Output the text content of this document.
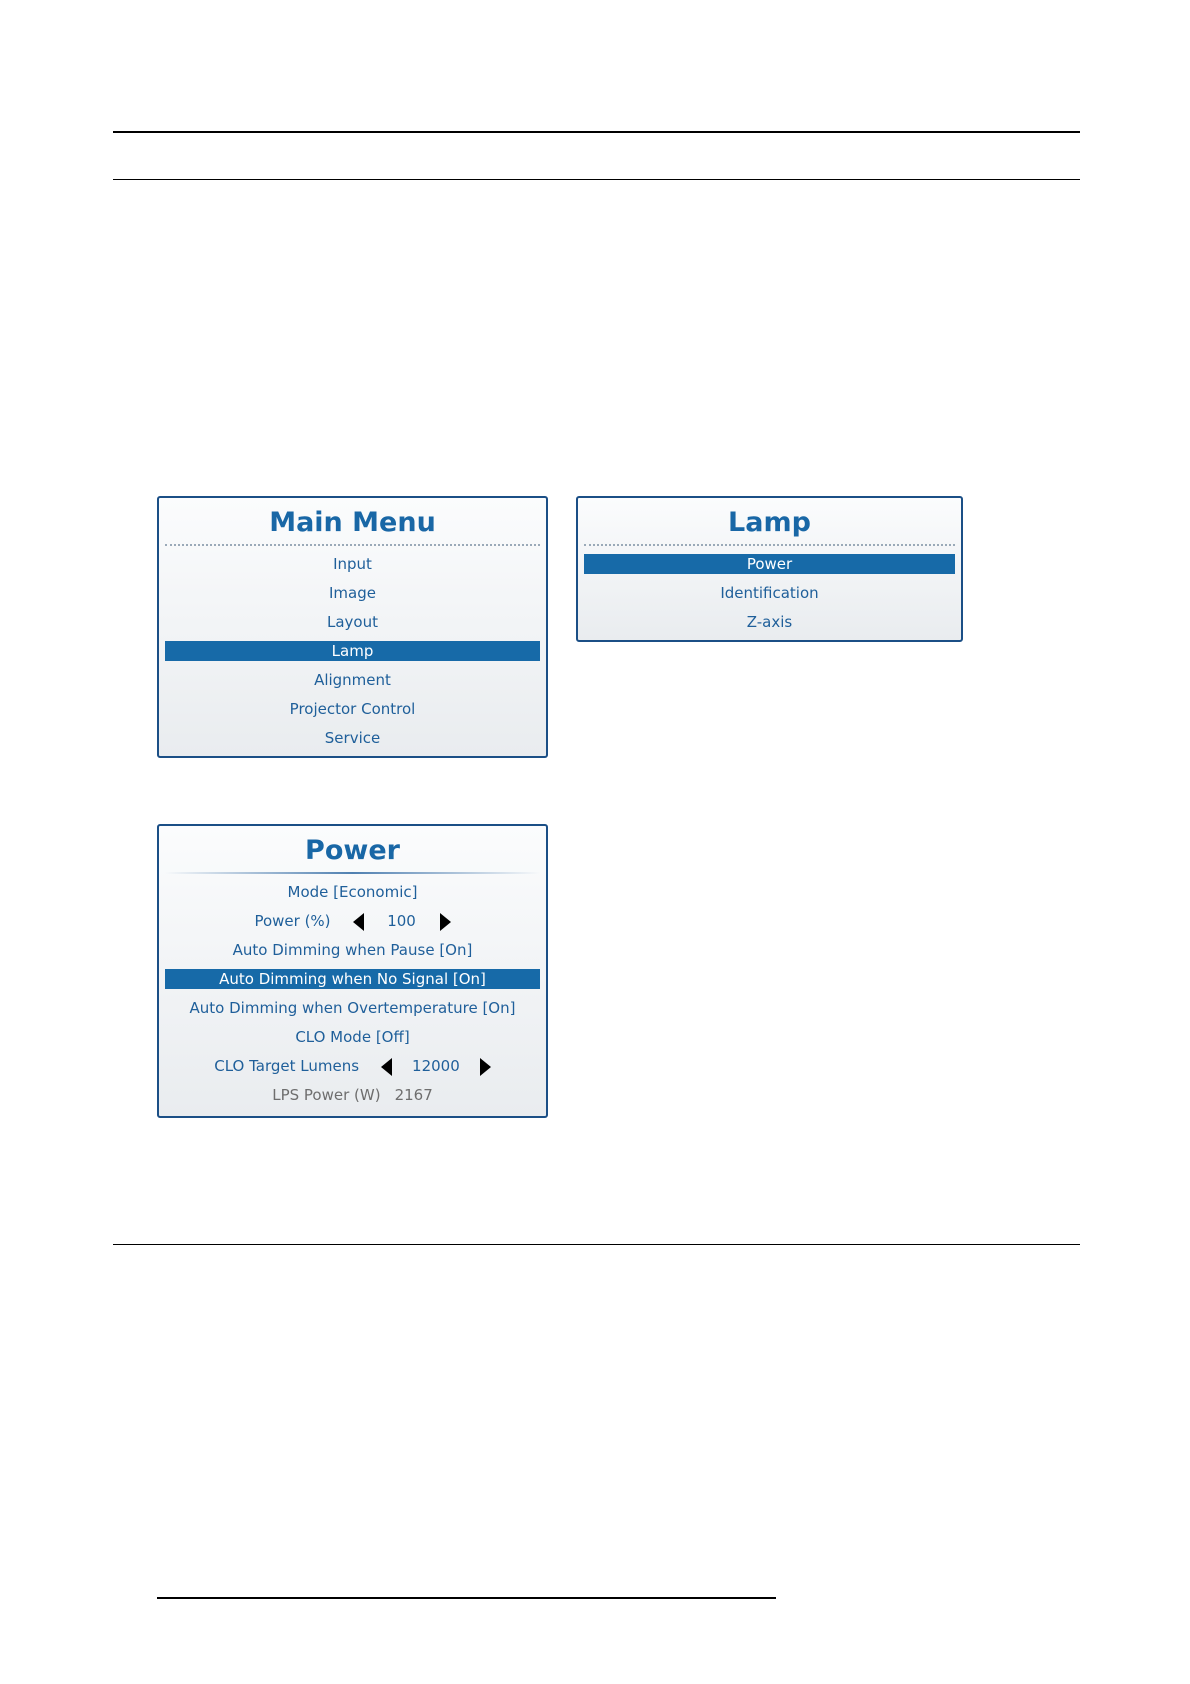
Main Menu
Input
Image
Layout
Lamp
Alignment
Projector Control
Service
Lamp
Power
Identification
Z-axis
Power
Mode [Economic]
Power (%)	100
Auto Dimming when Pause [On]
Auto Dimming when No Signal [On]
Auto Dimming when Overtemperature [On]
CLO Mode [Off]
CLO Target Lumens	12000
LPS Power (W) 2167
